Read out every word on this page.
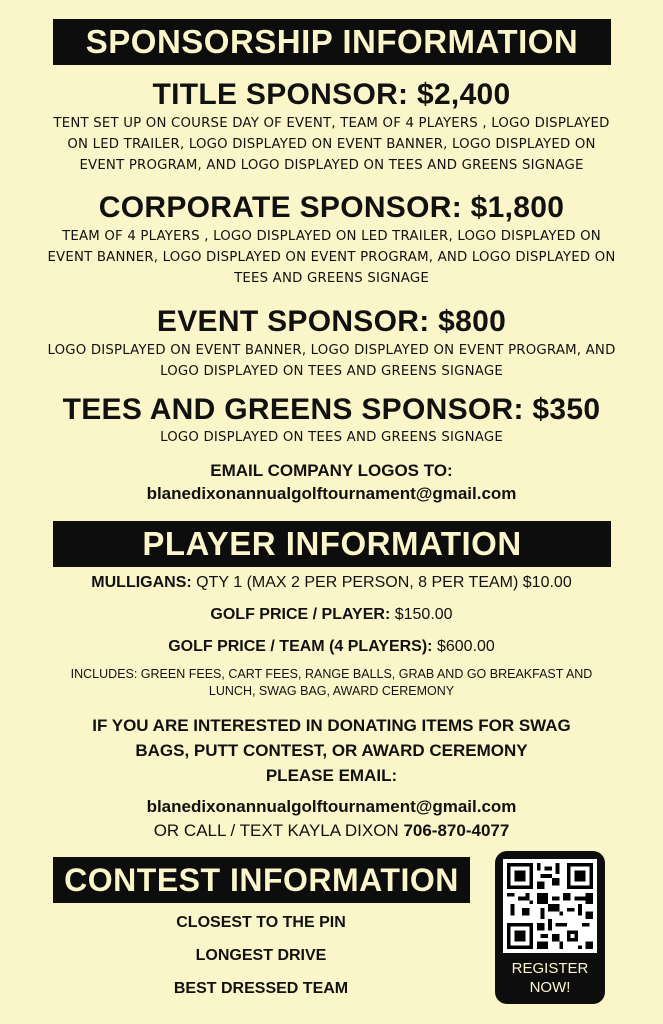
SPONSORSHIP INFORMATION
TITLE SPONSOR: $2,400
TENT SET UP ON COURSE DAY OF EVENT, TEAM OF 4 PLAYERS , LOGO DISPLAYED
ON LED TRAILER, LOGO DISPLAYED ON EVENT BANNER, LOGO DISPLAYED ON
EVENT PROGRAM, AND LOGO DISPLAYED ON TEES AND GREENS SIGNAGE
CORPORATE SPONSOR: $1,800
TEAM OF 4 PLAYERS , LOGO DISPLAYED ON LED TRAILER, LOGO DISPLAYED ON
EVENT BANNER, LOGO DISPLAYED ON EVENT PROGRAM, AND LOGO DISPLAYED ON
TEES AND GREENS SIGNAGE
EVENT SPONSOR: $800
LOGO DISPLAYED ON EVENT BANNER, LOGO DISPLAYED ON EVENT PROGRAM, AND
LOGO DISPLAYED ON TEES AND GREENS SIGNAGE
TEES AND GREENS SPONSOR: $350
LOGO DISPLAYED ON TEES AND GREENS SIGNAGE
EMAIL COMPANY LOGOS TO:
blanedixonannualgolftournament@gmail.com
PLAYER INFORMATION
MULLIGANS: QTY 1 (MAX 2 PER PERSON, 8 PER TEAM) $10.00
GOLF PRICE / PLAYER: $150.00
GOLF PRICE / TEAM (4 PLAYERS): $600.00
INCLUDES: GREEN FEES, CART FEES, RANGE BALLS, GRAB AND GO BREAKFAST AND
LUNCH, SWAG BAG, AWARD CEREMONY
IF YOU ARE INTERESTED IN DONATING ITEMS FOR SWAG
BAGS, PUTT CONTEST, OR AWARD CEREMONY
PLEASE EMAIL:
blanedixonannualgolftournament@gmail.com
OR CALL / TEXT KAYLA DIXON 706-870-4077
CONTEST INFORMATION
CLOSEST TO THE PIN
LONGEST DRIVE
BEST DRESSED TEAM
REGISTER
NOW!
